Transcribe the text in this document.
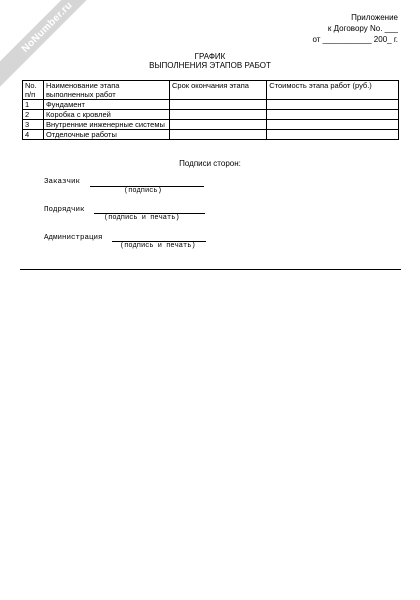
NoNumber.ru	Приложение
к Договору No. ___
от ___________ 200_ г.
ГРАФИК
ВЫПОЛНЕНИЯ ЭТАПОВ РАБОТ
No. п/п	Наименование этапа выполненных работ	Срок окончания этапа	Стоимость этапа работ (руб.)
1	Фундамент		
2	Коробка с кровлей		
3	Внутренние инженерные системы		
4	Отделочные работы		
Подписи сторон:
Заказчик
(подпись)
Подрядчик
(подпись и печать)
Администрация
(подпись и печать)
